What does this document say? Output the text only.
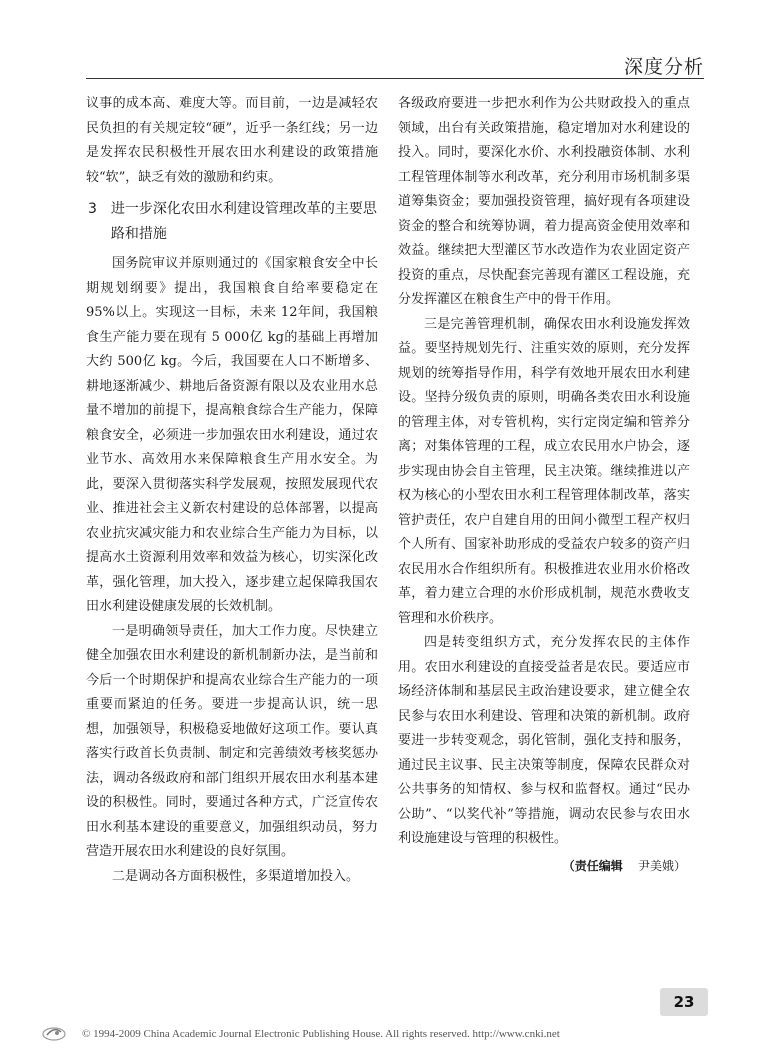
深度分析

议事的成本高、难度大等。而目前，一边是减轻农民负担的有关规定较“硬”，近乎一条红线；另一边是发挥农民积极性开展农田水利建设的政策措施较“软”，缺乏有效的激励和约束。

3 进一步深化农田水利建设管理改革的主要思路和措施

国务院审议并原则通过的《国家粮食安全中长期规划纲要》提出，我国粮食自给率要稳定在 95%以上。实现这一目标，未来 12年间，我国粮食生产能力要在现有 5 000亿 kg的基础上再增加大约 500亿 kg。今后，我国要在人口不断增多、耕地逐渐减少、耕地后备资源有限以及农业用水总量不增加的前提下，提高粮食综合生产能力，保障粮食安全，必须进一步加强农田水利建设，通过农业节水、高效用水来保障粮食生产用水安全。为此，要深入贯彻落实科学发展观，按照发展现代农业、推进社会主义新农村建设的总体部署，以提高农业抗灾减灾能力和农业综合生产能力为目标，以提高水土资源利用效率和效益为核心，切实深化改革，强化管理，加大投入，逐步建立起保障我国农田水利建设健康发展的长效机制。

一是明确领导责任，加大工作力度。尽快建立健全加强农田水利建设的新机制新办法，是当前和今后一个时期保护和提高农业综合生产能力的一项重要而紧迫的任务。要进一步提高认识，统一思想，加强领导，积极稳妥地做好这项工作。要认真落实行政首长负责制、制定和完善绩效考核奖惩办法，调动各级政府和部门组织开展农田水利基本建设的积极性。同时，要通过各种方式，广泛宣传农田水利基本建设的重要意义，加强组织动员，努力营造开展农田水利建设的良好氛围。

二是调动各方面积极性，多渠道增加投入。

各级政府要进一步把水利作为公共财政投入的重点领域，出台有关政策措施，稳定增加对水利建设的投入。同时，要深化水价、水利投融资体制、水利工程管理体制等水利改革，充分利用市场机制多渠道筹集资金；要加强投资管理，搞好现有各项建设资金的整合和统筹协调，着力提高资金使用效率和效益。继续把大型灌区节水改造作为农业固定资产投资的重点，尽快配套完善现有灌区工程设施，充分发挥灌区在粮食生产中的骨干作用。

三是完善管理机制，确保农田水利设施发挥效益。要坚持规划先行、注重实效的原则，充分发挥规划的统筹指导作用，科学有效地开展农田水利建设。坚持分级负责的原则，明确各类农田水利设施的管理主体，对专管机构，实行定岗定编和管养分离；对集体管理的工程，成立农民用水户协会，逐步实现由协会自主管理，民主决策。继续推进以产权为核心的小型农田水利工程管理体制改革，落实管护责任，农户自建自用的田间小微型工程产权归个人所有、国家补助形成的受益农户较多的资产归农民用水合作组织所有。积极推进农业用水价格改革，着力建立合理的水价形成机制，规范水费收支管理和水价秩序。

四是转变组织方式，充分发挥农民的主体作用。农田水利建设的直接受益者是农民。要适应市场经济体制和基层民主政治建设要求，建立健全农民参与农田水利建设、管理和决策的新机制。政府要进一步转变观念，弱化管制，强化支持和服务，通过民主议事、民主决策等制度，保障农民群众对公共事务的知情权、参与权和监督权。通过“民办公助”、“以奖代补”等措施，调动农民参与农田水利设施建设与管理的积极性。

（责任编辑 尹美娥）
23
© 1994-2009 China Academic Journal Electronic Publishing House. All rights reserved. http://www.cnki.net
